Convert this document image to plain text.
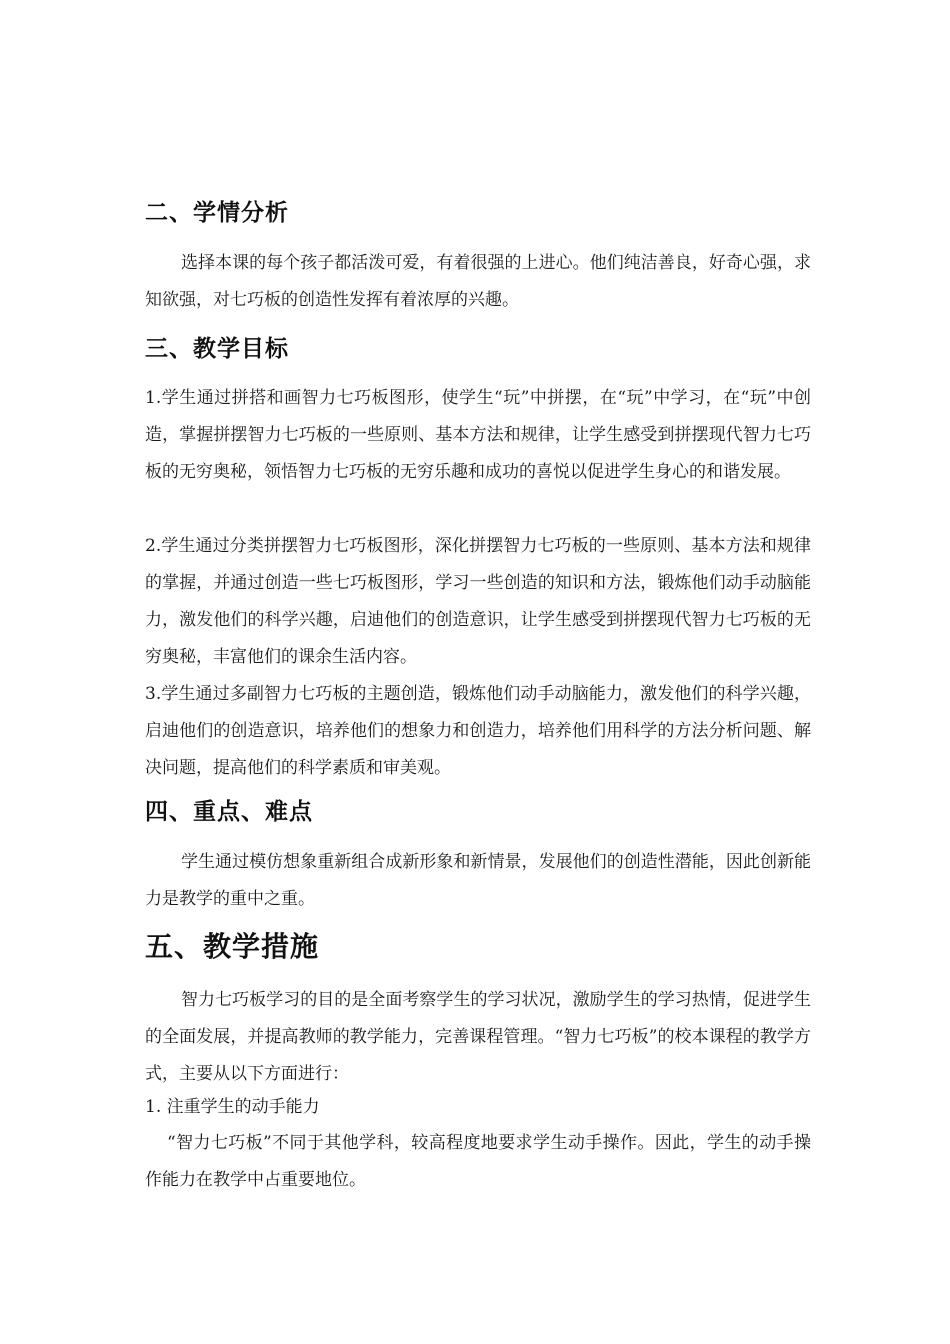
二、学情分析

选择本课的每个孩子都活泼可爱，有着很强的上进心。他们纯洁善良，好奇心强，求知欲强，对七巧板的创造性发挥有着浓厚的兴趣。

三、教学目标

1.学生通过拼搭和画智力七巧板图形，使学生“玩”中拼摆，在“玩”中学习，在“玩”中创造，掌握拼摆智力七巧板的一些原则、基本方法和规律，让学生感受到拼摆现代智力七巧板的无穷奥秘，领悟智力七巧板的无穷乐趣和成功的喜悦以促进学生身心的和谐发展。

2.学生通过分类拼摆智力七巧板图形，深化拼摆智力七巧板的一些原则、基本方法和规律的掌握，并通过创造一些七巧板图形，学习一些创造的知识和方法，锻炼他们动手动脑能力，激发他们的科学兴趣，启迪他们的创造意识，让学生感受到拼摆现代智力七巧板的无穷奥秘，丰富他们的课余生活内容。

3.学生通过多副智力七巧板的主题创造，锻炼他们动手动脑能力，激发他们的科学兴趣，启迪他们的创造意识，培养他们的想象力和创造力，培养他们用科学的方法分析问题、解决问题，提高他们的科学素质和审美观。

四、重点、难点

学生通过模仿想象重新组合成新形象和新情景，发展他们的创造性潜能，因此创新能力是教学的重中之重。

五、教学措施

智力七巧板学习的目的是全面考察学生的学习状况，激励学生的学习热情，促进学生的全面发展，并提高教师的教学能力，完善课程管理。“智力七巧板”的校本课程的教学方式，主要从以下方面进行：

1. 注重学生的动手能力

“智力七巧板”不同于其他学科，较高程度地要求学生动手操作。因此，学生的动手操作能力在教学中占重要地位。
